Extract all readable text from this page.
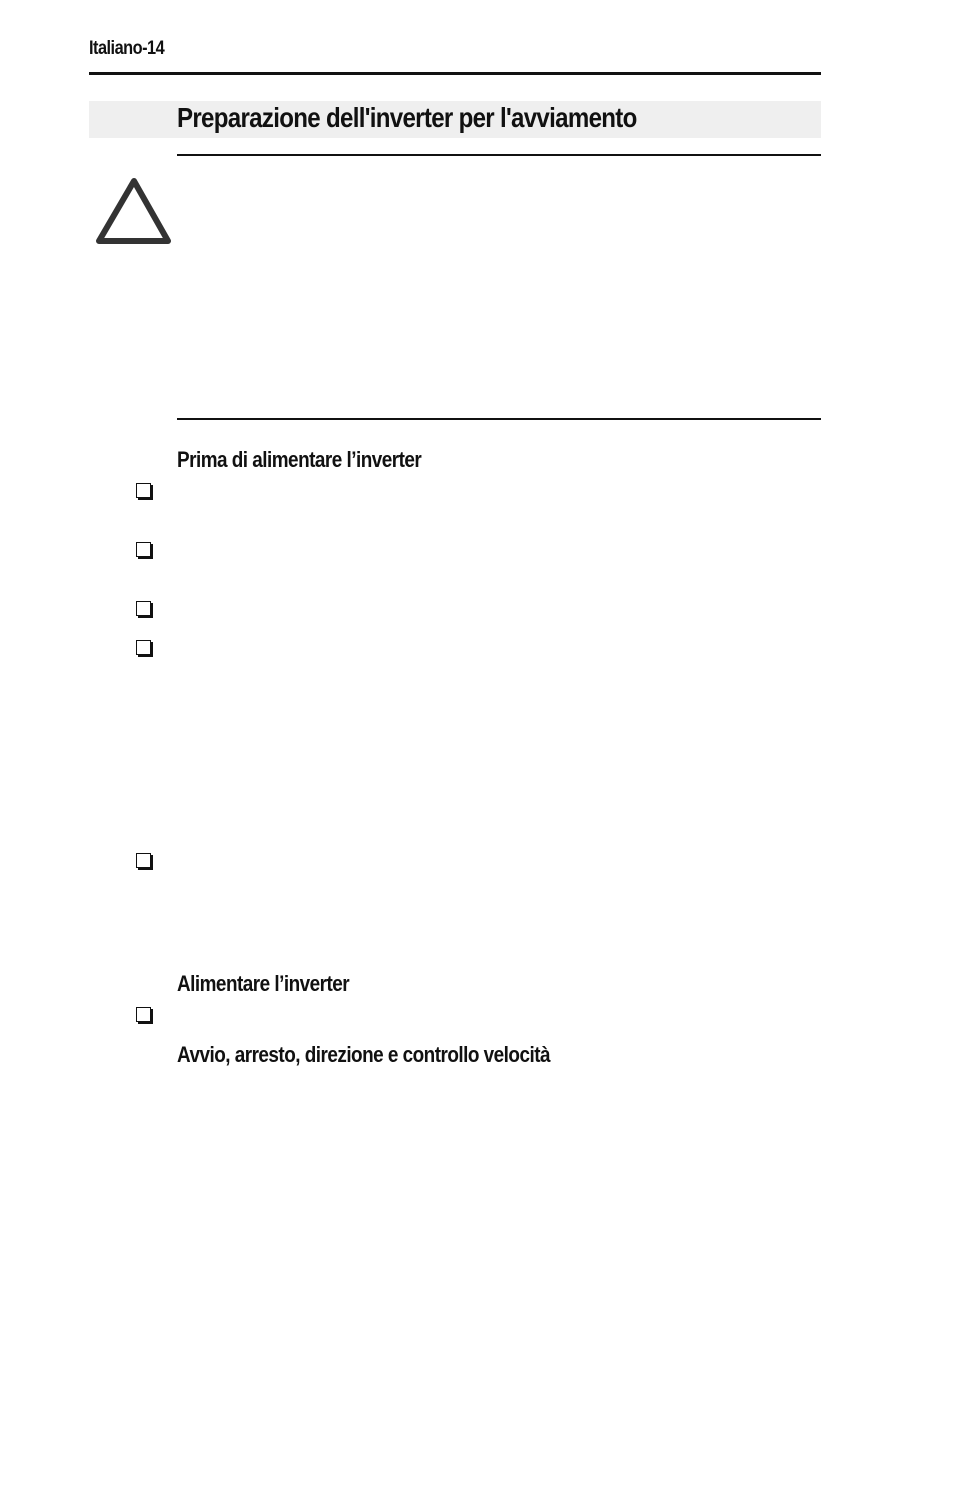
Italiano-14
Preparazione dell'inverter per l'avviamento
Prima di alimentare l’inverter
Alimentare l’inverter
Avvio, arresto, direzione e controllo velocità
